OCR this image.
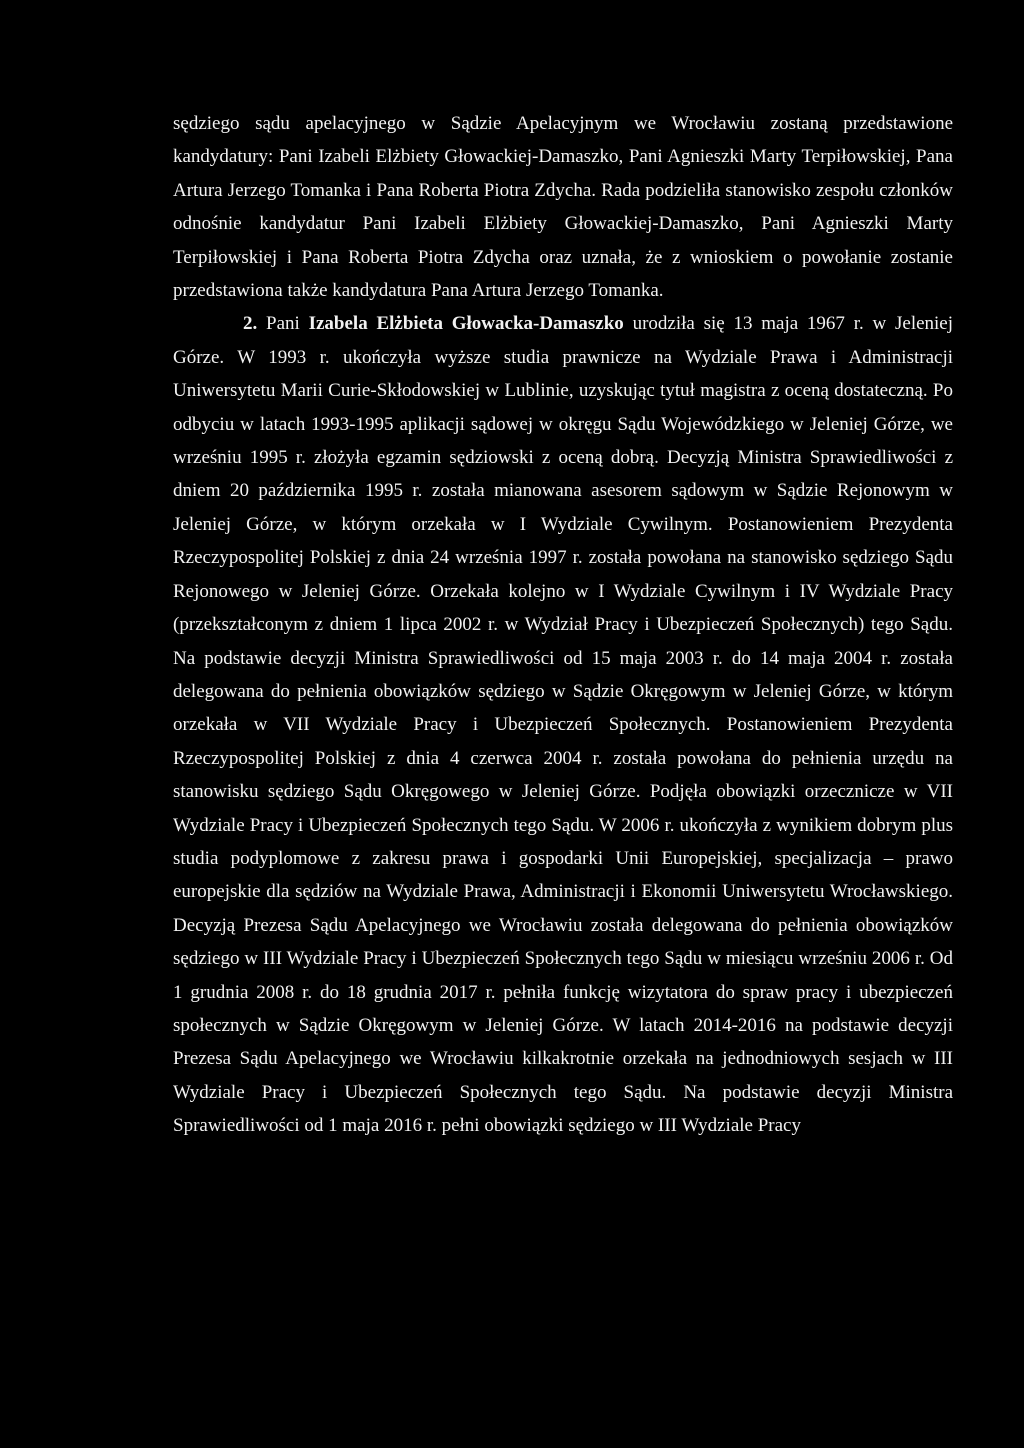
sędziego sądu apelacyjnego w Sądzie Apelacyjnym we Wrocławiu zostaną przedstawione kandydatury: Pani Izabeli Elżbiety Głowackiej-Damaszko, Pani Agnieszki Marty Terpiłowskiej, Pana Artura Jerzego Tomanka i Pana Roberta Piotra Zdycha. Rada podzieliła stanowisko zespołu członków odnośnie kandydatur Pani Izabeli Elżbiety Głowackiej-Damaszko, Pani Agnieszki Marty Terpiłowskiej i Pana Roberta Piotra Zdycha oraz uznała, że z wnioskiem o powołanie zostanie przedstawiona także kandydatura Pana Artura Jerzego Tomanka.

2. Pani Izabela Elżbieta Głowacka-Damaszko urodziła się 13 maja 1967 r. w Jeleniej Górze. W 1993 r. ukończyła wyższe studia prawnicze na Wydziale Prawa i Administracji Uniwersytetu Marii Curie-Skłodowskiej w Lublinie, uzyskując tytuł magistra z oceną dostateczną. Po odbyciu w latach 1993-1995 aplikacji sądowej w okręgu Sądu Wojewódzkiego w Jeleniej Górze, we wrześniu 1995 r. złożyła egzamin sędziowski z oceną dobrą. Decyzją Ministra Sprawiedliwości z dniem 20 października 1995 r. została mianowana asesorem sądowym w Sądzie Rejonowym w Jeleniej Górze, w którym orzekała w I Wydziale Cywilnym. Postanowieniem Prezydenta Rzeczypospolitej Polskiej z dnia 24 września 1997 r. została powołana na stanowisko sędziego Sądu Rejonowego w Jeleniej Górze. Orzekała kolejno w I Wydziale Cywilnym i IV Wydziale Pracy (przekształconym z dniem 1 lipca 2002 r. w Wydział Pracy i Ubezpieczeń Społecznych) tego Sądu. Na podstawie decyzji Ministra Sprawiedliwości od 15 maja 2003 r. do 14 maja 2004 r. została delegowana do pełnienia obowiązków sędziego w Sądzie Okręgowym w Jeleniej Górze, w którym orzekała w VII Wydziale Pracy i Ubezpieczeń Społecznych. Postanowieniem Prezydenta Rzeczypospolitej Polskiej z dnia 4 czerwca 2004 r. została powołana do pełnienia urzędu na stanowisku sędziego Sądu Okręgowego w Jeleniej Górze. Podjęła obowiązki orzecznicze w VII Wydziale Pracy i Ubezpieczeń Społecznych tego Sądu. W 2006 r. ukończyła z wynikiem dobrym plus studia podyplomowe z zakresu prawa i gospodarki Unii Europejskiej, specjalizacja – prawo europejskie dla sędziów na Wydziale Prawa, Administracji i Ekonomii Uniwersytetu Wrocławskiego. Decyzją Prezesa Sądu Apelacyjnego we Wrocławiu została delegowana do pełnienia obowiązków sędziego w III Wydziale Pracy i Ubezpieczeń Społecznych tego Sądu w miesiącu wrześniu 2006 r. Od 1 grudnia 2008 r. do 18 grudnia 2017 r. pełniła funkcję wizytatora do spraw pracy i ubezpieczeń społecznych w Sądzie Okręgowym w Jeleniej Górze. W latach 2014-2016 na podstawie decyzji Prezesa Sądu Apelacyjnego we Wrocławiu kilkakrotnie orzekała na jednodniowych sesjach w III Wydziale Pracy i Ubezpieczeń Społecznych tego Sądu. Na podstawie decyzji Ministra Sprawiedliwości od 1 maja 2016 r. pełni obowiązki sędziego w III Wydziale Pracy
